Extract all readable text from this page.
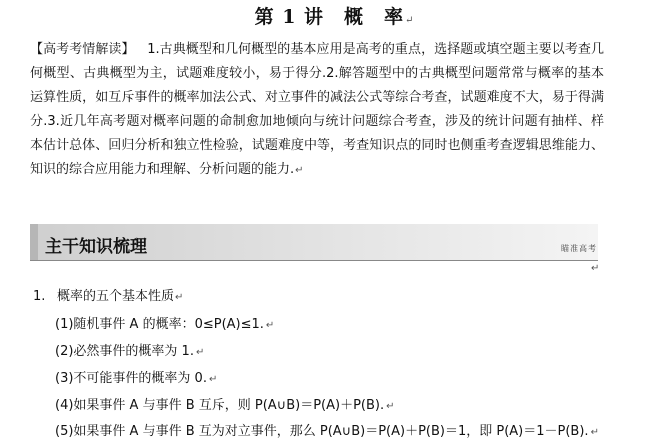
第 1 讲　概　率↵
【高考考情解读】 1.古典概型和几何概型的基本应用是高考的重点，选择题或填空题主要以考查几何概型、古典概型为主，试题难度较小，易于得分.2.解答题型中的古典概型问题常常与概率的基本运算性质，如互斥事件的概率加法公式、对立事件的减法公式等综合考查，试题难度不大，易于得满分.3.近几年高考题对概率问题的命制愈加地倾向与统计问题综合考查，涉及的统计问题有抽样、样本估计总体、回归分析和独立性检验，试题难度中等，考查知识点的同时也侧重考查逻辑思维能力、知识的综合应用能力和理解、分析问题的能力.↵
主干知识梳理	瞄准高考
↵
1. 概率的五个基本性质↵
(1)随机事件 A 的概率：0≤P(A)≤1. ↵
(2)必然事件的概率为 1. ↵
(3)不可能事件的概率为 0. ↵
(4)如果事件 A 与事件 B 互斥，则 P(A∪B)＝P(A)＋P(B). ↵
(5)如果事件 A 与事件 B 互为对立事件，那么 P(A∪B)＝P(A)＋P(B)＝1，即 P(A)＝1－P(B). ↵
